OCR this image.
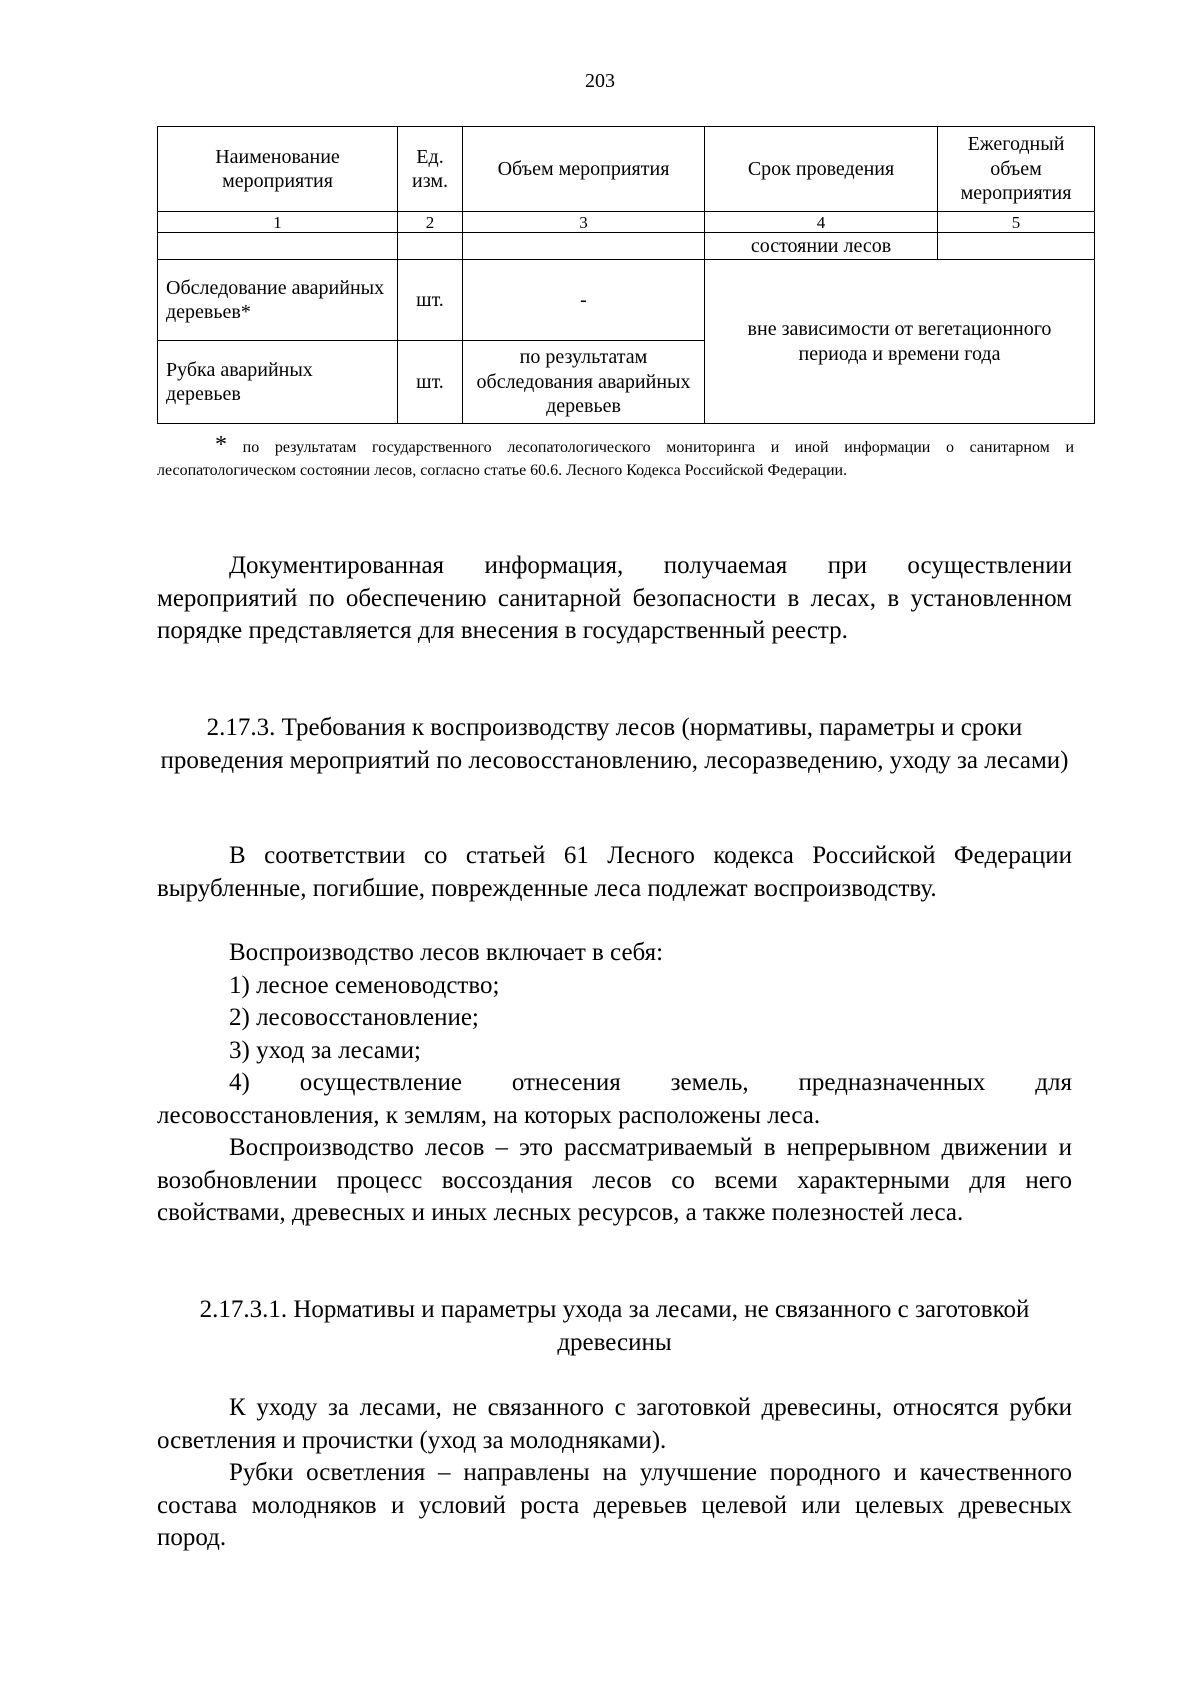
203
Наименование мероприятия	Ед. изм.	Объем мероприятия	Срок проведения	Ежегодный объем мероприятия
1	2	3	4	5
			состоянии лесов	
Обследование аварийных деревьев*	шт.	-	вне зависимости от вегетационного периода и времени года	
Рубка аварийных деревьев	шт.	по результатам обследования аварийных деревьев		
* по результатам государственного лесопатологического мониторинга и иной информации о санитарном и лесопатологическом состоянии лесов, согласно статье 60.6. Лесного Кодекса Российской Федерации.

Документированная информация, получаемая при осуществлении мероприятий по обеспечению санитарной безопасности в лесах, в установленном порядке представляется для внесения в государственный реестр.

2.17.3. Требования к воспроизводству лесов (нормативы, параметры и сроки проведения мероприятий по лесовосстановлению, лесоразведению, уходу за лесами)

В соответствии со статьей 61 Лесного кодекса Российской Федерации вырубленные, погибшие, поврежденные леса подлежат воспроизводству.

Воспроизводство лесов включает в себя:

1) лесное семеноводство;

2) лесовосстановление;

3) уход за лесами;

4) осуществление отнесения земель, предназначенных для лесовосстановления, к землям, на которых расположены леса.

Воспроизводство лесов – это рассматриваемый в непрерывном движении и возобновлении процесс воссоздания лесов со всеми характерными для него свойствами, древесных и иных лесных ресурсов, а также полезностей леса.

2.17.3.1. Нормативы и параметры ухода за лесами, не связанного с заготовкой древесины

К уходу за лесами, не связанного с заготовкой древесины, относятся рубки осветления и прочистки (уход за молодняками).

Рубки осветления – направлены на улучшение породного и качественного состава молодняков и условий роста деревьев целевой или целевых древесных пород.
